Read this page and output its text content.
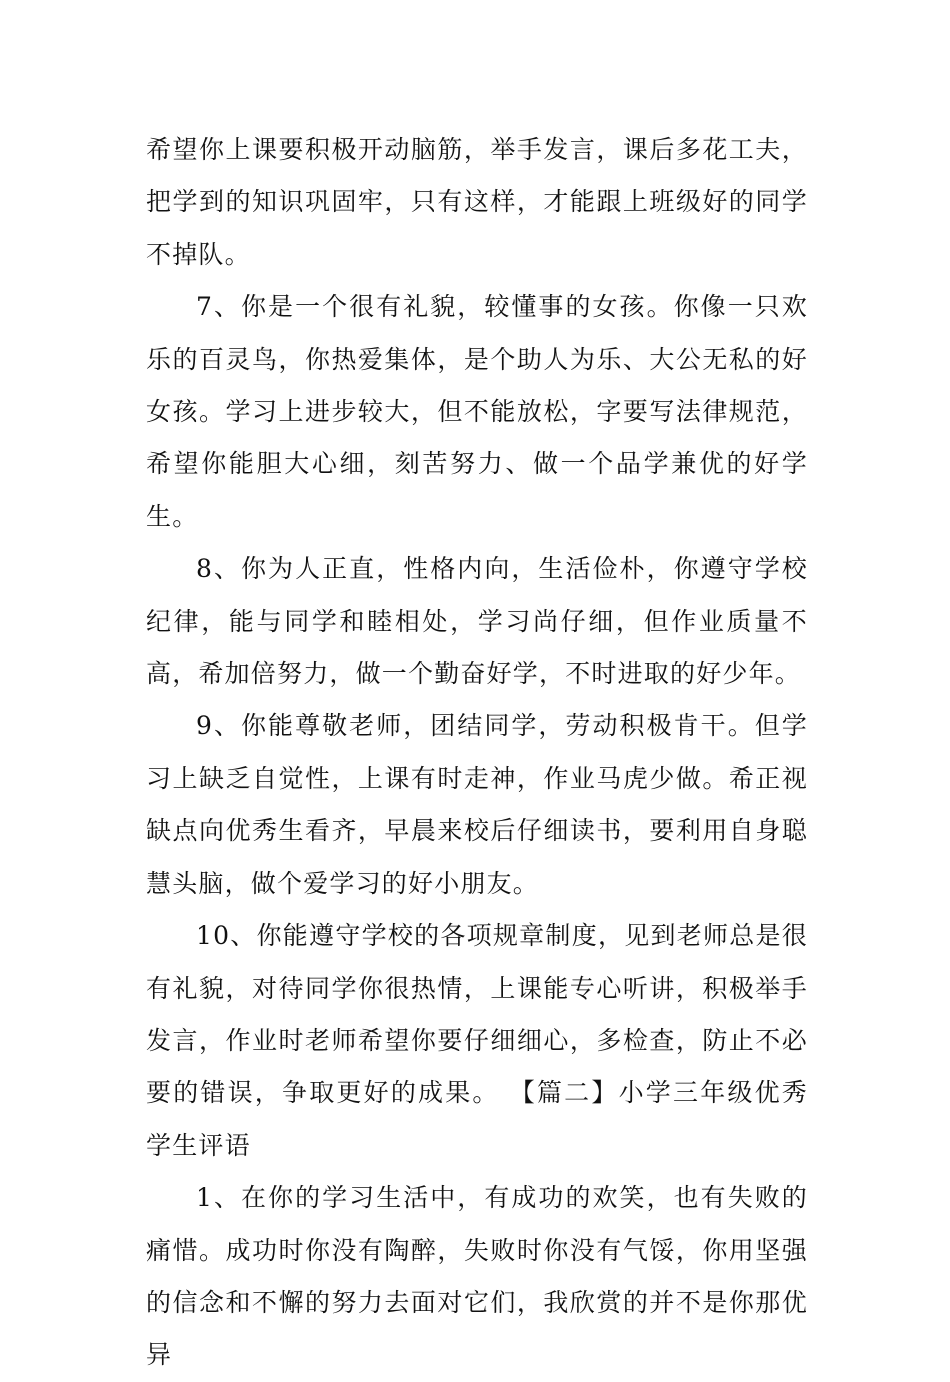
希望你上课要积极开动脑筋，举手发言，课后多花工夫，把学到的知识巩固牢，只有这样，才能跟上班级好的同学不掉队。

7、你是一个很有礼貌，较懂事的女孩。你像一只欢乐的百灵鸟，你热爱集体，是个助人为乐、大公无私的好女孩。学习上进步较大，但不能放松，字要写法律规范，希望你能胆大心细，刻苦努力、做一个品学兼优的好学生。

8、你为人正直，性格内向，生活俭朴，你遵守学校纪律，能与同学和睦相处，学习尚仔细，但作业质量不高，希加倍努力，做一个勤奋好学，不时进取的好少年。

9、你能尊敬老师，团结同学，劳动积极肯干。但学习上缺乏自觉性，上课有时走神，作业马虎少做。希正视缺点向优秀生看齐，早晨来校后仔细读书，要利用自身聪慧头脑，做个爱学习的好小朋友。

10、你能遵守学校的各项规章制度，见到老师总是很有礼貌，对待同学你很热情，上课能专心听讲，积极举手发言，作业时老师希望你要仔细细心，多检查，防止不必要的错误，争取更好的成果。 【篇二】小学三年级优秀学生评语

1、在你的学习生活中，有成功的欢笑，也有失败的痛惜。成功时你没有陶醉，失败时你没有气馁，你用坚强的信念和不懈的努力去面对它们，我欣赏的并不是你那优异
